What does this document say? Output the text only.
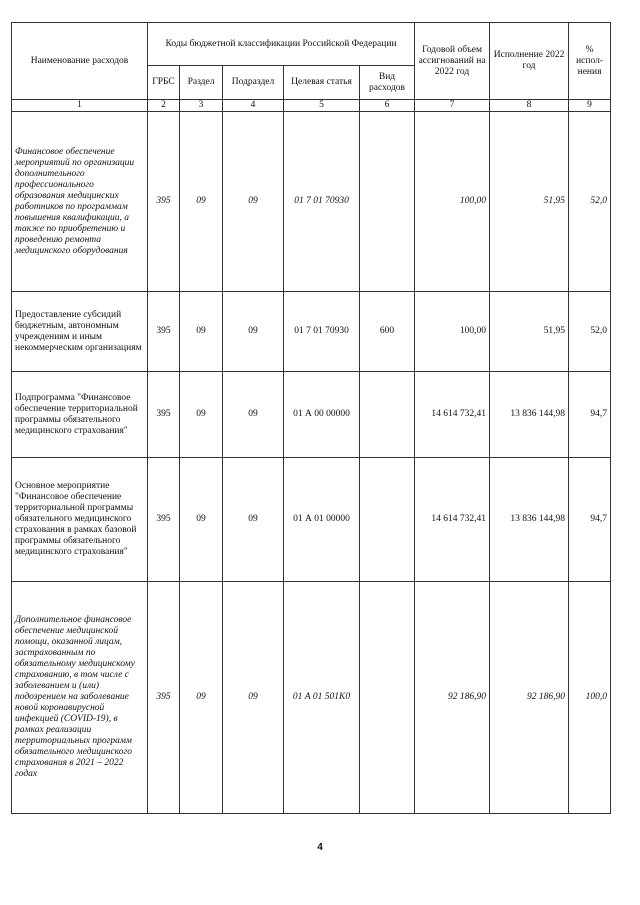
Наименование расходов	Коды бюджетной классификации Российской Федерации					Годовой объем ассигнований на 2022 год	Исполнение 2022 год	% испол-нения
	ГРБС	Раздел	Подраздел	Целевая статья	Вид расходов			
1	2	3	4	5	6	7	8	9
Финансовое обеспечение мероприятий по организации дополнительного профессионального образования медицинских работников по программам повышения квалификации, а также по приобретению и проведению ремонта медицинского оборудования	395	09	09	01 7 01 70930		100,00	51,95	52,0
Предоставление субсидий бюджетным, автономным учреждениям и иным некоммерческим организациям	395	09	09	01 7 01 70930	600	100,00	51,95	52,0
Подпрограмма "Финансовое обеспечение территориальной программы обязательного медицинского страхования"	395	09	09	01 А 00 00000		14 614 732,41	13 836 144,98	94,7
Основное мероприятие "Финансовое обеспечение территориальной программы обязательного медицинского страхования в рамках базовой программы обязательного медицинского страхования"	395	09	09	01 А 01 00000		14 614 732,41	13 836 144,98	94,7
Дополнительное финансовое обеспечение медицинской помощи, оказанной лицам, застрахованным по обязательному медицинскому страхованию, в том числе с заболеванием и (или) подозрением на заболевание новой коронавирусной инфекцией (COVID-19), в рамках реализации территориальных программ обязательного медицинского страхования в 2021 – 2022 годах	395	09	09	01 А 01 501К0		92 186,90	92 186,90	100,0
4
